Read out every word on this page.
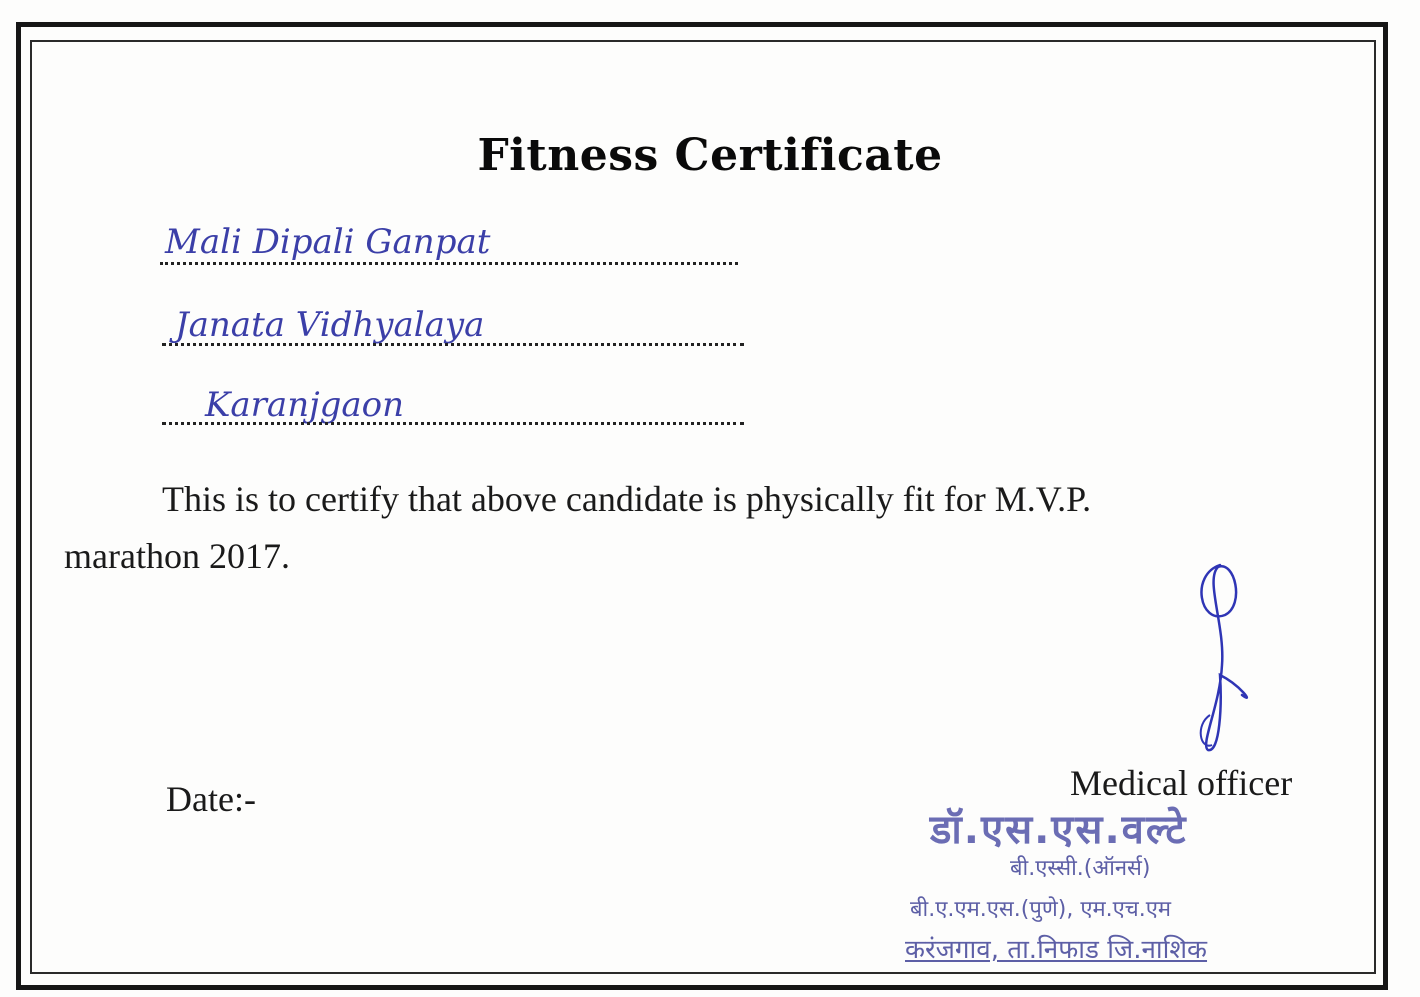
Fitness Certificate
Mali Dipali Ganpat
Janata Vidhyalaya
Karanjgaon
This is to certify that above candidate is physically fit for M.V.P.
marathon 2017.
Date:-	Medical officer
डॉ.एस.एस.वल्टे
बी.एस्सी.(ऑनर्स)
बी.ए.एम.एस.(पुणे), एम.एच.एम
करंजगाव, ता.निफाड जि.नाशिक
